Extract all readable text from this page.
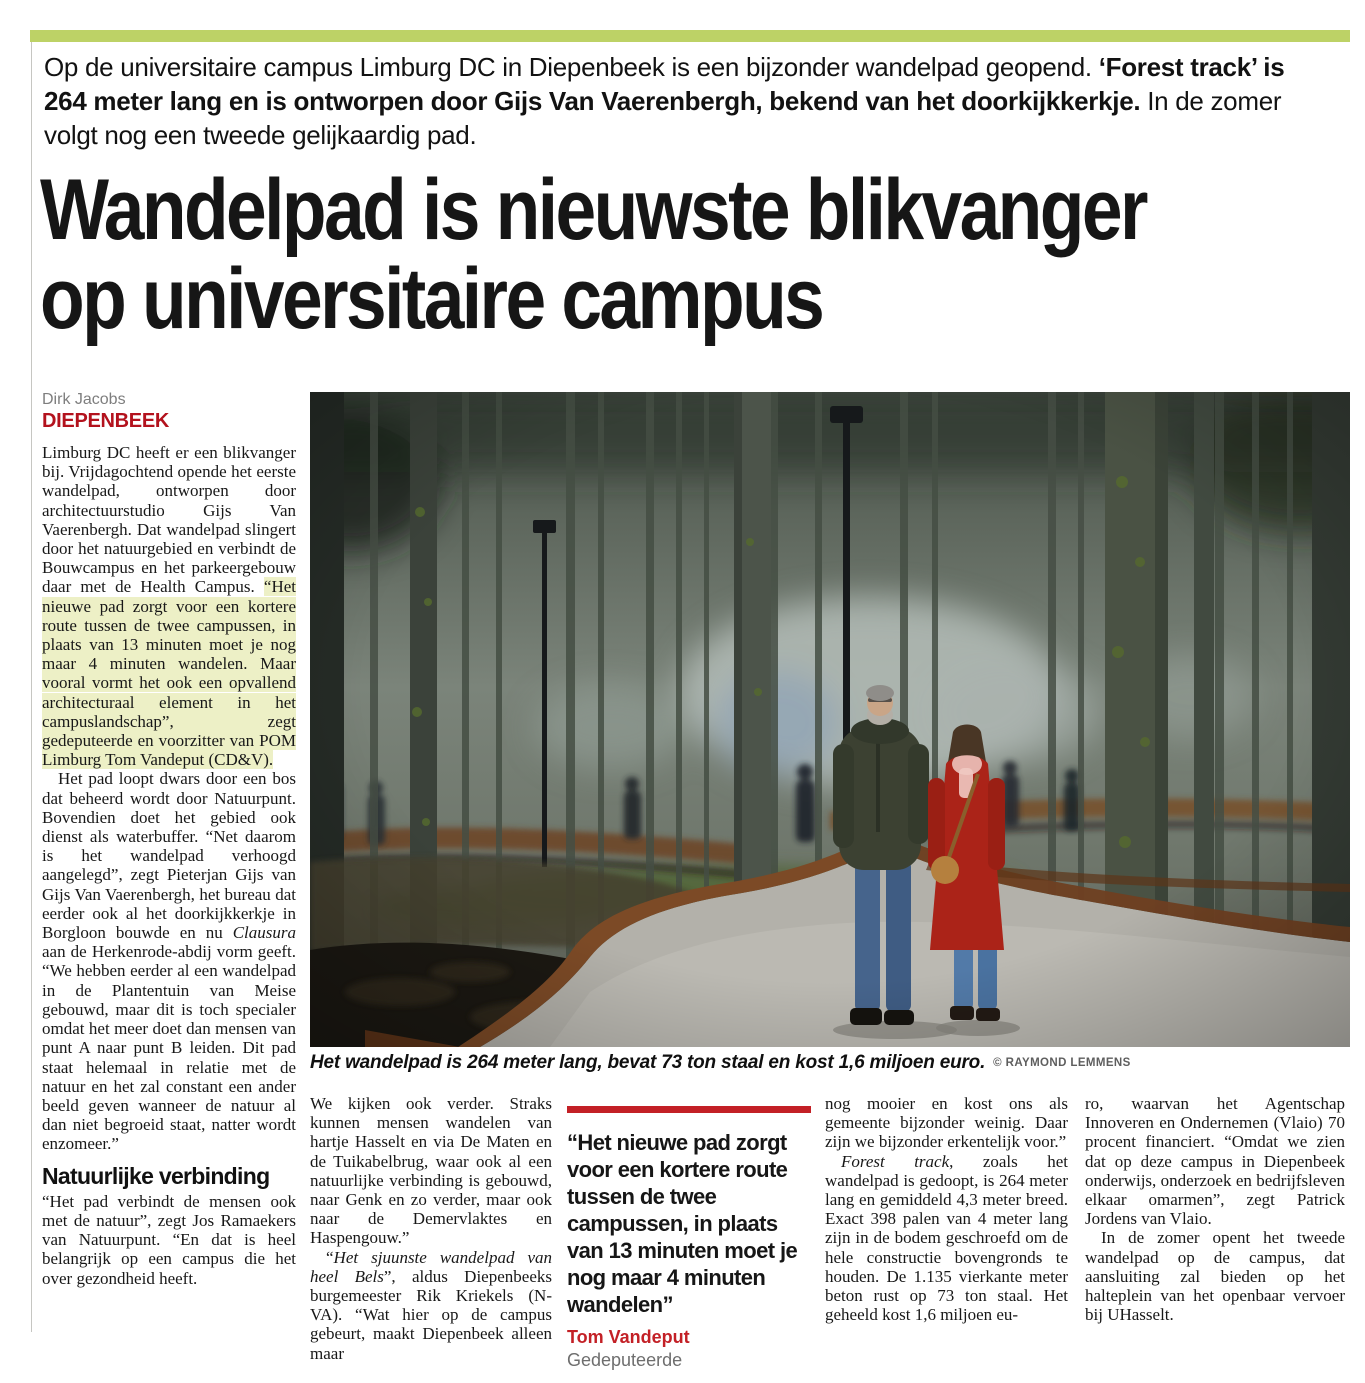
Op de universitaire campus Limburg DC in Diepenbeek is een bijzonder wandelpad geopend. ‘Forest track’ is 264 meter lang en is ontworpen door Gijs Van Vaerenbergh, bekend van het doorkijkkerkje. In de zomer volgt nog een tweede gelijkaardig pad.

Wandelpad is nieuwste blikvanger
op universitaire campus
Dirk Jacobs
DIEPENBEEK

Limburg DC heeft er een blikvanger bij. Vrijdagochtend opende het eerste wandelpad, ontworpen door architectuurstudio Gijs Van Vaerenbergh. Dat wandelpad slingert door het natuurgebied en verbindt de Bouwcampus en het parkeergebouw daar met de Health Campus. “Het nieuwe pad zorgt voor een kortere route tussen de twee campussen, in plaats van 13 minuten moet je nog maar 4 minuten wandelen. Maar vooral vormt het ook een opvallend architecturaal element in het campuslandschap”, zegt gedeputeerde en voorzitter van POM Limburg Tom Vandeput (CD&V).

Het pad loopt dwars door een bos dat beheerd wordt door Natuurpunt. Bovendien doet het gebied ook dienst als waterbuffer. “Net daarom is het wandelpad verhoogd aangelegd”, zegt Pieterjan Gijs van Gijs Van Vaerenbergh, het bureau dat eerder ook al het doorkijkkerkje in Borgloon bouwde en nu Clausura aan de Herkenrode-abdij vorm geeft. “We hebben eerder al een wandelpad in de Plantentuin van Meise gebouwd, maar dit is toch specialer omdat het meer doet dan mensen van punt A naar punt B leiden. Dit pad staat helemaal in relatie met de natuur en het zal constant een ander beeld geven wanneer de natuur al dan niet begroeid staat, natter wordt enzomeer.”

Natuurlijke verbinding

“Het pad verbindt de mensen ook met de natuur”, zegt Jos Ramaekers van Natuurpunt. “En dat is heel belangrijk op een campus die het over gezondheid heeft.

Het wandelpad is 264 meter lang, bevat 73 ton staal en kost 1,6 miljoen euro. © RAYMOND LEMMENS

We kijken ook verder. Straks kunnen mensen wandelen van hartje Hasselt en via De Maten en de Tuikabelbrug, waar ook al een natuurlijke verbinding is gebouwd, naar Genk en zo verder, maar ook naar de Demervlaktes en Haspengouw.”

“Het sjuunste wandelpad van heel Bels”, aldus Diepenbeeks burgemeester Rik Kriekels (N-VA). “Wat hier op de campus gebeurt, maakt Diepenbeek alleen maar

“Het nieuwe pad zorgt voor een kortere route tussen de twee campussen, in plaats van 13 minuten moet je nog maar 4 minuten wandelen”

Tom Vandeput
Gedeputeerde

nog mooier en kost ons als gemeente bijzonder weinig. Daar zijn we bijzonder erkentelijk voor.”

Forest track, zoals het wandelpad is gedoopt, is 264 meter lang en gemiddeld 4,3 meter breed. Exact 398 palen van 4 meter lang zijn in de bodem geschroefd om de hele constructie bovengronds te houden. De 1.135 vierkante meter beton rust op 73 ton staal. Het geheeld kost 1,6 miljoen eu-

ro, waarvan het Agentschap Innoveren en Ondernemen (Vlaio) 70 procent financiert. “Omdat we zien dat op deze campus in Diepenbeek onderwijs, onderzoek en bedrijfsleven elkaar omarmen”, zegt Patrick Jordens van Vlaio.

In de zomer opent het tweede wandelpad op de campus, dat aansluiting zal bieden op het halteplein van het openbaar vervoer bij UHasselt.
